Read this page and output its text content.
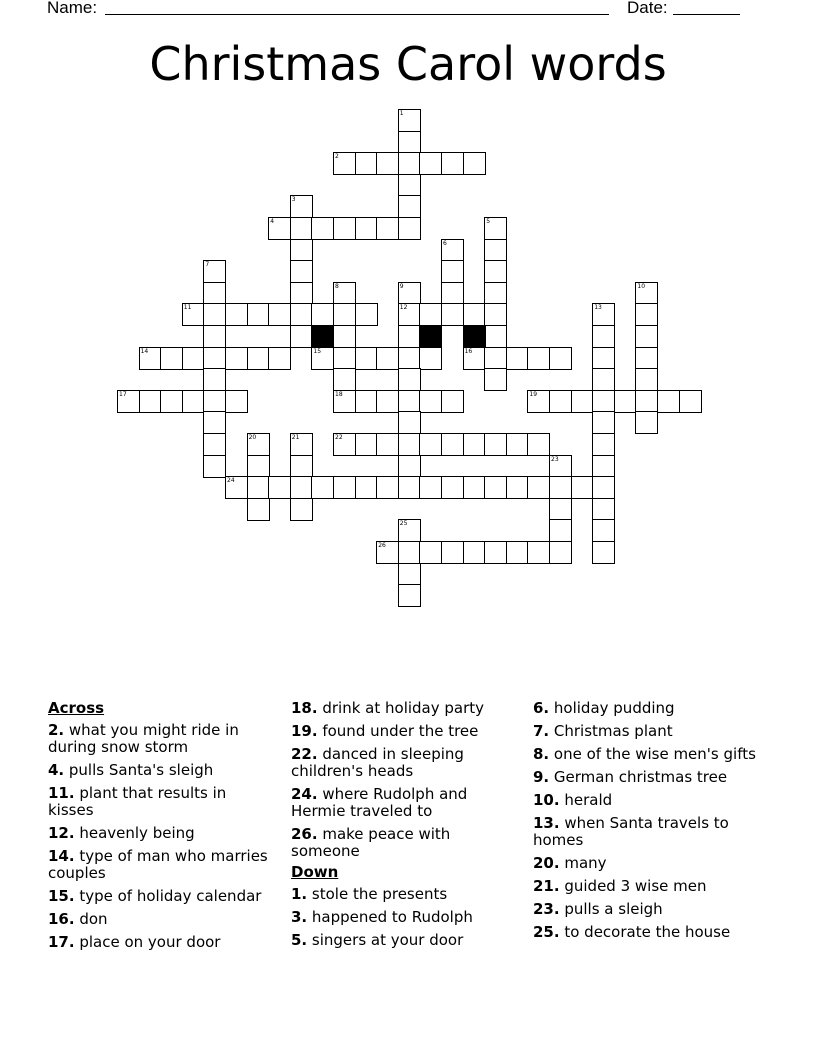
Name:	Date:
Christmas Carol words
1
2
3
4	5
6
7
8	9	10
11	12	13
14	15	16
17	18	19
20	21	22
23
24
25
26
Across
2. what you might ride in during snow storm
4. pulls Santa's sleigh
11. plant that results in kisses
12. heavenly being
14. type of man who marries couples
15. type of holiday calendar
16. don
17. place on your door
18. drink at holiday party
19. found under the tree
22. danced in sleeping children's heads
24. where Rudolph and Hermie traveled to
26. make peace with someone
Down
1. stole the presents
3. happened to Rudolph
5. singers at your door
6. holiday pudding
7. Christmas plant
8. one of the wise men's gifts
9. German christmas tree
10. herald
13. when Santa travels to homes
20. many
21. guided 3 wise men
23. pulls a sleigh
25. to decorate the house
